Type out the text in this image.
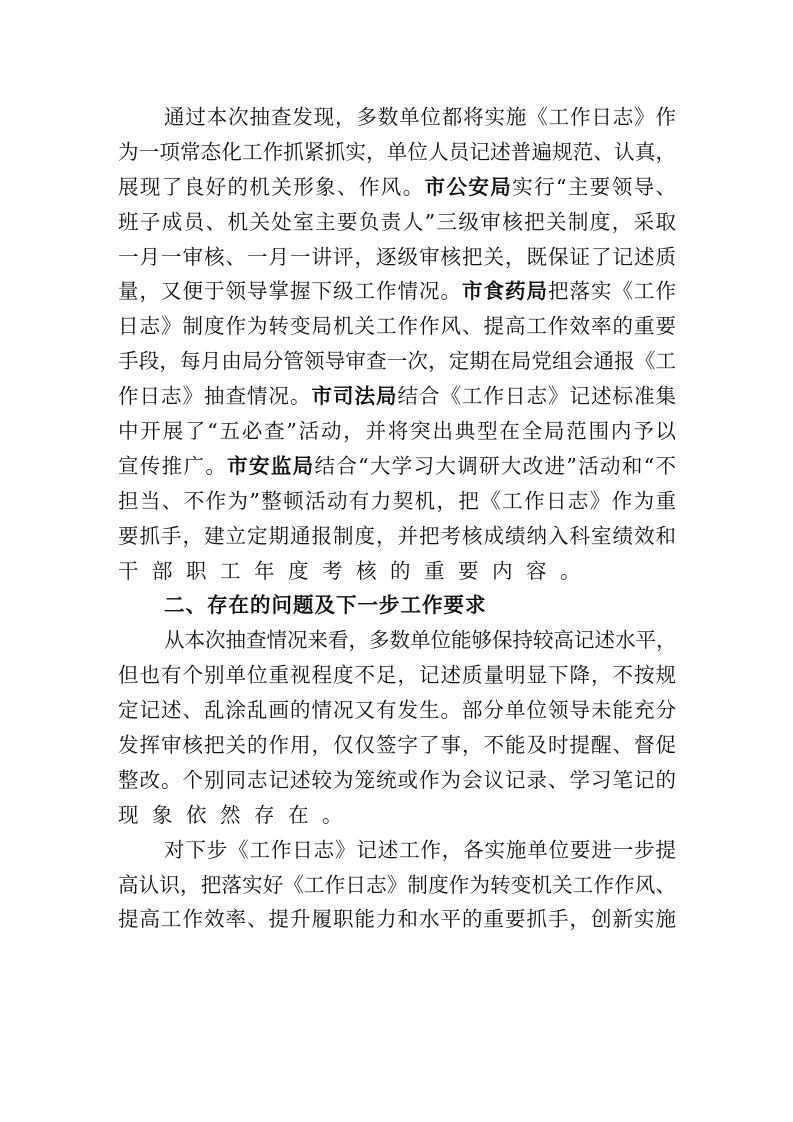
通过本次抽查发现，多数单位都将实施《工作日志》作
为一项常态化工作抓紧抓实，单位人员记述普遍规范、认真，
展现了良好的机关形象、作风。市公安局实行“主要领导、
班子成员、机关处室主要负责人”三级审核把关制度，采取
一月一审核、一月一讲评，逐级审核把关，既保证了记述质
量，又便于领导掌握下级工作情况。市食药局把落实《工作
日志》制度作为转变局机关工作作风、提高工作效率的重要
手段，每月由局分管领导审查一次，定期在局党组会通报《工
作日志》抽查情况。市司法局结合《工作日志》记述标准集
中开展了“五必查”活动，并将突出典型在全局范围内予以
宣传推广。市安监局结合“大学习大调研大改进”活动和“不
担当、不作为”整顿活动有力契机，把《工作日志》作为重
要抓手，建立定期通报制度，并把考核成绩纳入科室绩效和
干部职工年度考核的重要内容。
二、存在的问题及下一步工作要求
从本次抽查情况来看，多数单位能够保持较高记述水平，
但也有个别单位重视程度不足，记述质量明显下降，不按规
定记述、乱涂乱画的情况又有发生。部分单位领导未能充分
发挥审核把关的作用，仅仅签字了事，不能及时提醒、督促
整改。个别同志记述较为笼统或作为会议记录、学习笔记的
现象依然存在。
对下步《工作日志》记述工作，各实施单位要进一步提
高认识，把落实好《工作日志》制度作为转变机关工作作风、
提高工作效率、提升履职能力和水平的重要抓手，创新实施
